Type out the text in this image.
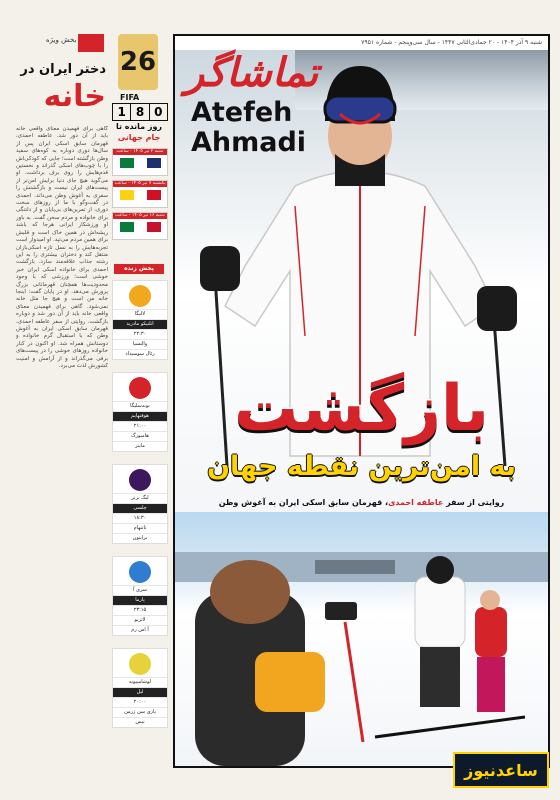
بخش ویژه
دختر ایران در
خانه
گاهی برای فهمیدن معنای واقعی خانه باید از آن دور شد. عاطفه احمدی، قهرمان سابق اسکی ایران پس از سال‌ها دوری دوباره به کوه‌های سفید وطن بازگشته است؛ جایی که کودکی‌اش را با چوب‌های اسکی گذراند و نخستین قدم‌هایش را روی برف برداشت. او می‌گوید هیچ جای دنیا برایش امن‌تر از پیست‌های ایران نیست و بازگشتش را سفری به آغوش وطن می‌داند. احمدی در گفت‌وگو با ما از روزهای سخت دوری، از تمرین‌های بی‌پایان و از دلتنگی برای خانواده و مردم سخن گفت. به باور او ورزشکار ایرانی هرجا که باشد ریشه‌اش در همین خاک است و قلبش برای همین مردم می‌تپد. او امیدوار است تجربه‌هایش را به نسل تازه اسکی‌بازان منتقل کند و دختران بیشتری را به این رشته جذاب علاقه‌مند سازد. بازگشت احمدی برای خانواده اسکی ایران خبر خوشی است؛ ورزشی که با وجود محدودیت‌ها همچنان قهرمانانی بزرگ پرورش می‌دهد. او در پایان گفت: اینجا خانه من است و هیچ جا مثل خانه نمی‌شود. گاهی برای فهمیدن معنای واقعی خانه باید از آن دور شد و دوباره بازگشت. روایتی از سفر عاطفه احمدی، قهرمان سابق اسکی ایران به آغوش وطن که با استقبال گرم خانواده و دوستانش همراه شد. او اکنون در کنار خانواده روزهای خوشی را در پیست‌های برفی می‌گذراند و از آرامش و امنیت کشورش لذت می‌برد.
26
FIFA
1 8 0
روز مانده تا
جام جهانی
شنبه ۲ تیر ۱۴۰۵ - ساعت ۲۲:۰۰
یکشنبه ۷ تیر ۱۴۰۵ - ساعت ۰۱:۳۰
شنبه ۱۶ تیر ۱۴۰۵ - ساعت ۰۳:۳۰
پخش زنده
لالیگا
اتلتیکو مادرید
۲۲:۳۰
والنسیا
رئال سوسیداد
بوندسلیگا
هوفنهایم
۲۱:۰۰
هامبورگ
ماینز
لیگ برتر
چلسی
۱۸:۳۰
تاتنهام
برایتون
سری آ
پارما
۲۳:۱۵
لاتزیو
آ اس رم
لوشامپیونه
لیل
۲۰:۰۰
پاری سن ژرمن
نیس
شنبه ۹ آذر ۱۴۰۴ - ۲۰ جمادی‌الثانی ۱۴۴۷ - سال سی‌وپنجم - شماره ۷۹۵۱
تماشاگر
Atefeh
Ahmadi
بازگشت
به امن‌ترین نقطه جهان
روایتی از سفر عاطفه احمدی، قهرمان سابق اسکی ایران به آغوش وطن
ساعدنیوز
